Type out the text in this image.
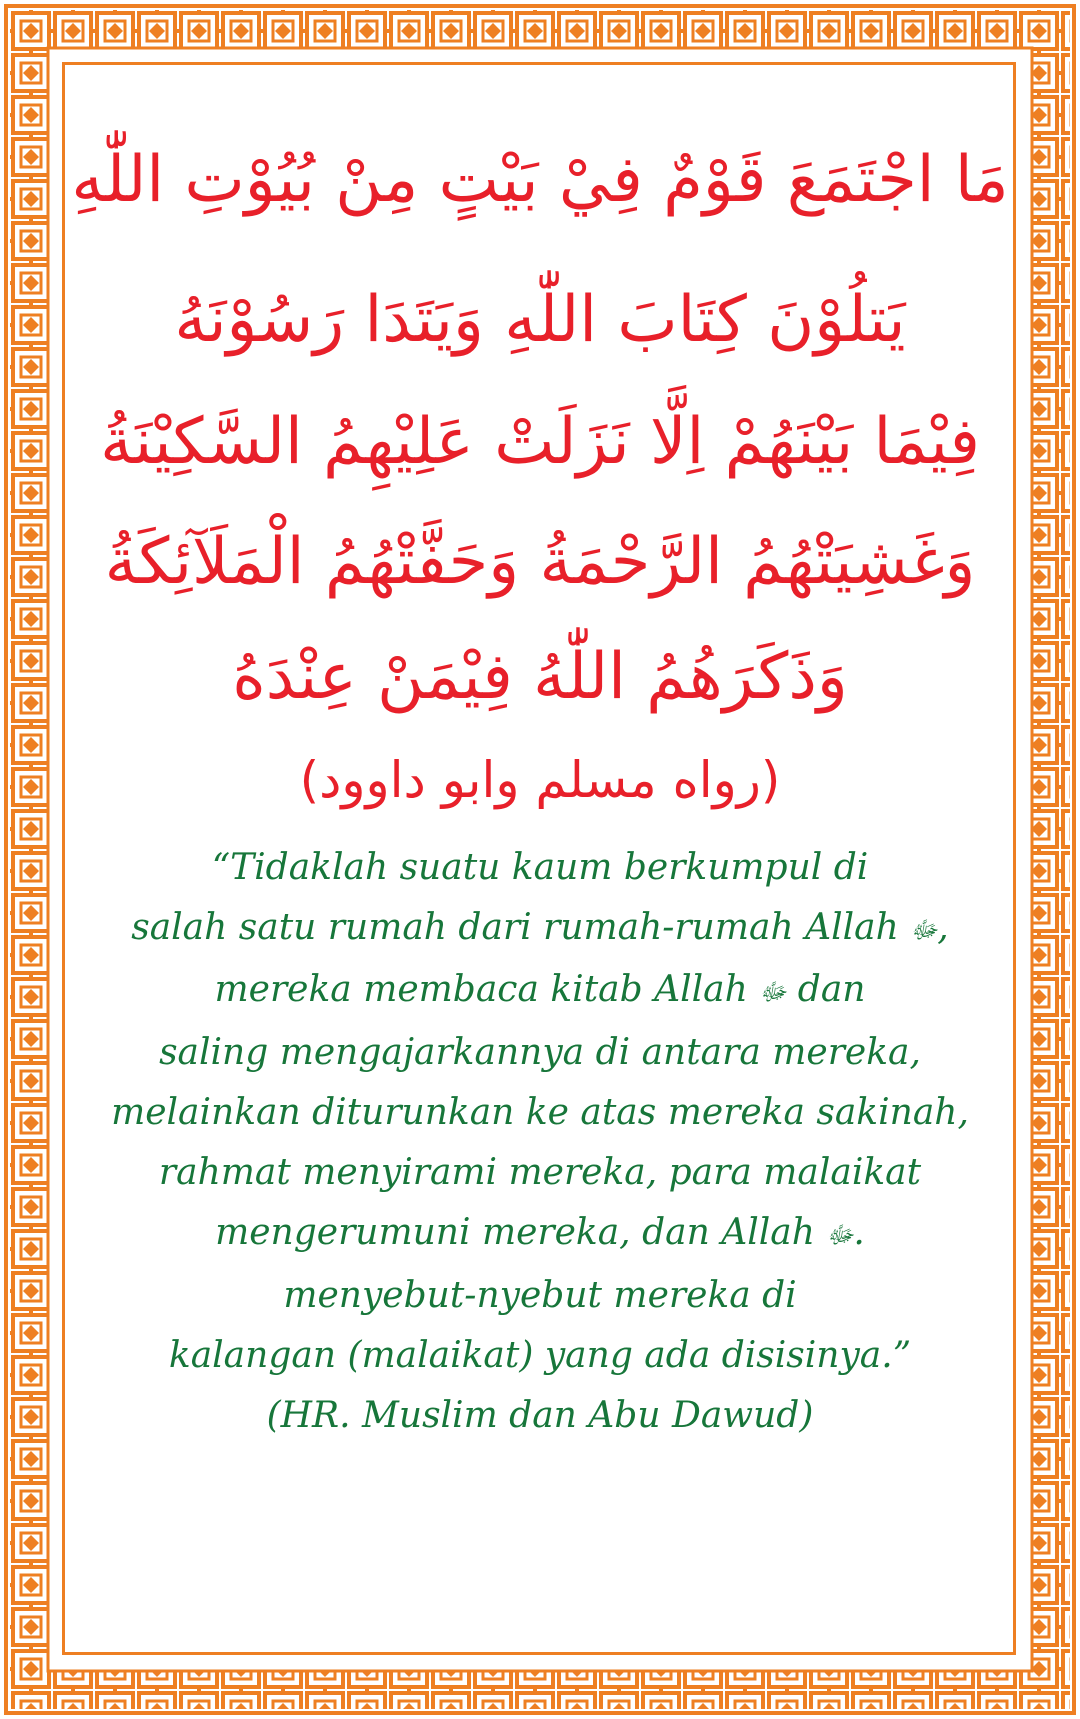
مَا اجْتَمَعَ قَوْمٌ فِيْ بَيْتٍ مِنْ بُيُوْتِ اللّٰهِ
يَتلُوْنَ كِتَابَ اللّٰهِ وَيَتَدَا رَسُوْنَهُ
فِيْمَا بَيْنَهُمْ اِلَّا نَزَلَتْ عَلِيْهِمُ السَّكِيْنَةُ
وَغَشِيَتْهُمُ الرَّحْمَةُ وَحَفَّتْهُمُ الْمَلَآئِكَةُ
وَذَكَرَهُمُ اللّٰهُ فِيْمَنْ عِنْدَهُ
(رواه مسلم وابو داوود)
“Tidaklah suatu kaum berkumpul di
salah satu rumah dari rumah-rumah Allah ﷻ,
mereka membaca kitab Allah ﷻ dan
saling mengajarkannya di antara mereka,
melainkan diturunkan ke atas mereka sakinah,
rahmat menyirami mereka, para malaikat
mengerumuni mereka, dan Allah ﷻ.
menyebut-nyebut mereka di
kalangan (malaikat) yang ada disisinya.”
(HR. Muslim dan Abu Dawud)
